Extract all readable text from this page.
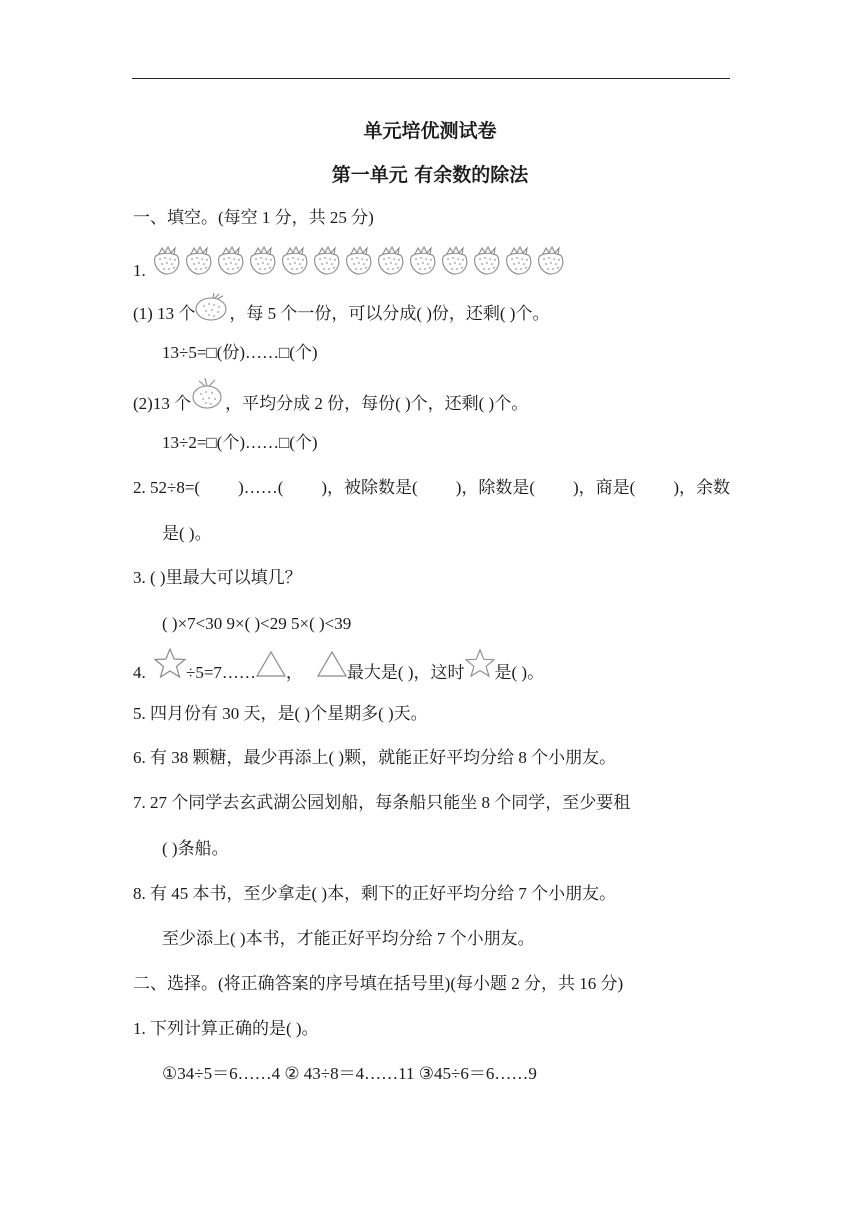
单元培优测试卷
第一单元 有余数的除法
一、填空。(每空 1 分，共 25 分)
1.
(1) 13 个 ，每 5 个一份，可以分成( )份，还剩( )个。
13÷5=□(份)……□(个)
(2)13 个 ，平均分成 2 份，每份( )个，还剩( )个。
13÷2=□(个)……□(个)
2. 52÷8=( )……( )，被除数是( )，除数是( )，商是( )，余数
是( )。
3. ( )里最大可以填几？
( )×7<30 9×( )<29 5×( )<39
4. ÷5=7…… ，	最大是( )，这时 是( )。
5. 四月份有 30 天，是( )个星期多( )天。
6. 有 38 颗糖，最少再添上( )颗，就能正好平均分给 8 个小朋友。
7. 27 个同学去玄武湖公园划船，每条船只能坐 8 个同学，至少要租
( )条船。
8. 有 45 本书，至少拿走( )本，剩下的正好平均分给 7 个小朋友。
至少添上( )本书，才能正好平均分给 7 个小朋友。
二、选择。(将正确答案的序号填在括号里)(每小题 2 分，共 16 分)
1. 下列计算正确的是( )。
①34÷5＝6……4 ② 43÷8＝4……11 ③45÷6＝6……9
